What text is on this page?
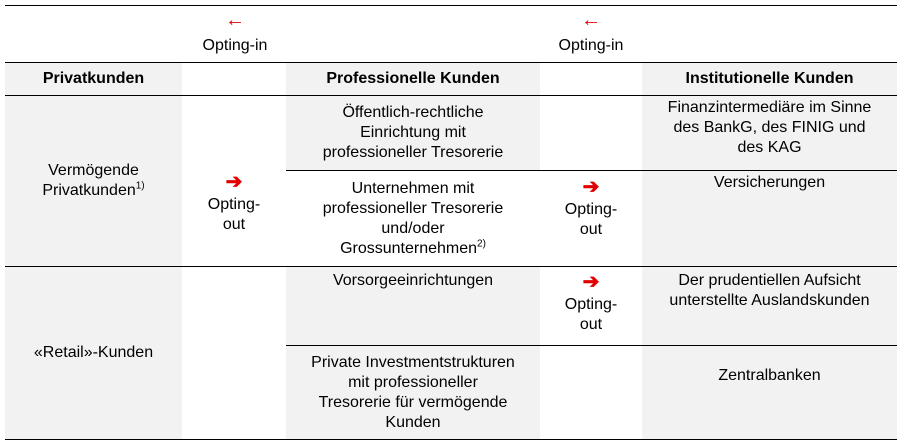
←
Opting-in
←
Opting-in
Privatkunden	Professionelle Kunden	Institutionelle Kunden
Vermögende
Privatkunden$^{1)}$
«Retail»-Kunden
➔
Opting-
out
Öffentlich-rechtliche
Einrichtung mit
professioneller Tresorerie
Unternehmen mit
professioneller Tresorerie
und/oder
Grossunternehmen$^{2)}$
Vorsorgeeinrichtungen
Private Investmentstrukturen
mit professioneller
Tresorerie für vermögende
Kunden
➔
Opting-
out
➔
Opting-
out
Finanzintermediäre im Sinne
des BankG, des FINIG und
des KAG
Versicherungen
Der prudentiellen Aufsicht
unterstellte Auslandskunden
Zentralbanken
